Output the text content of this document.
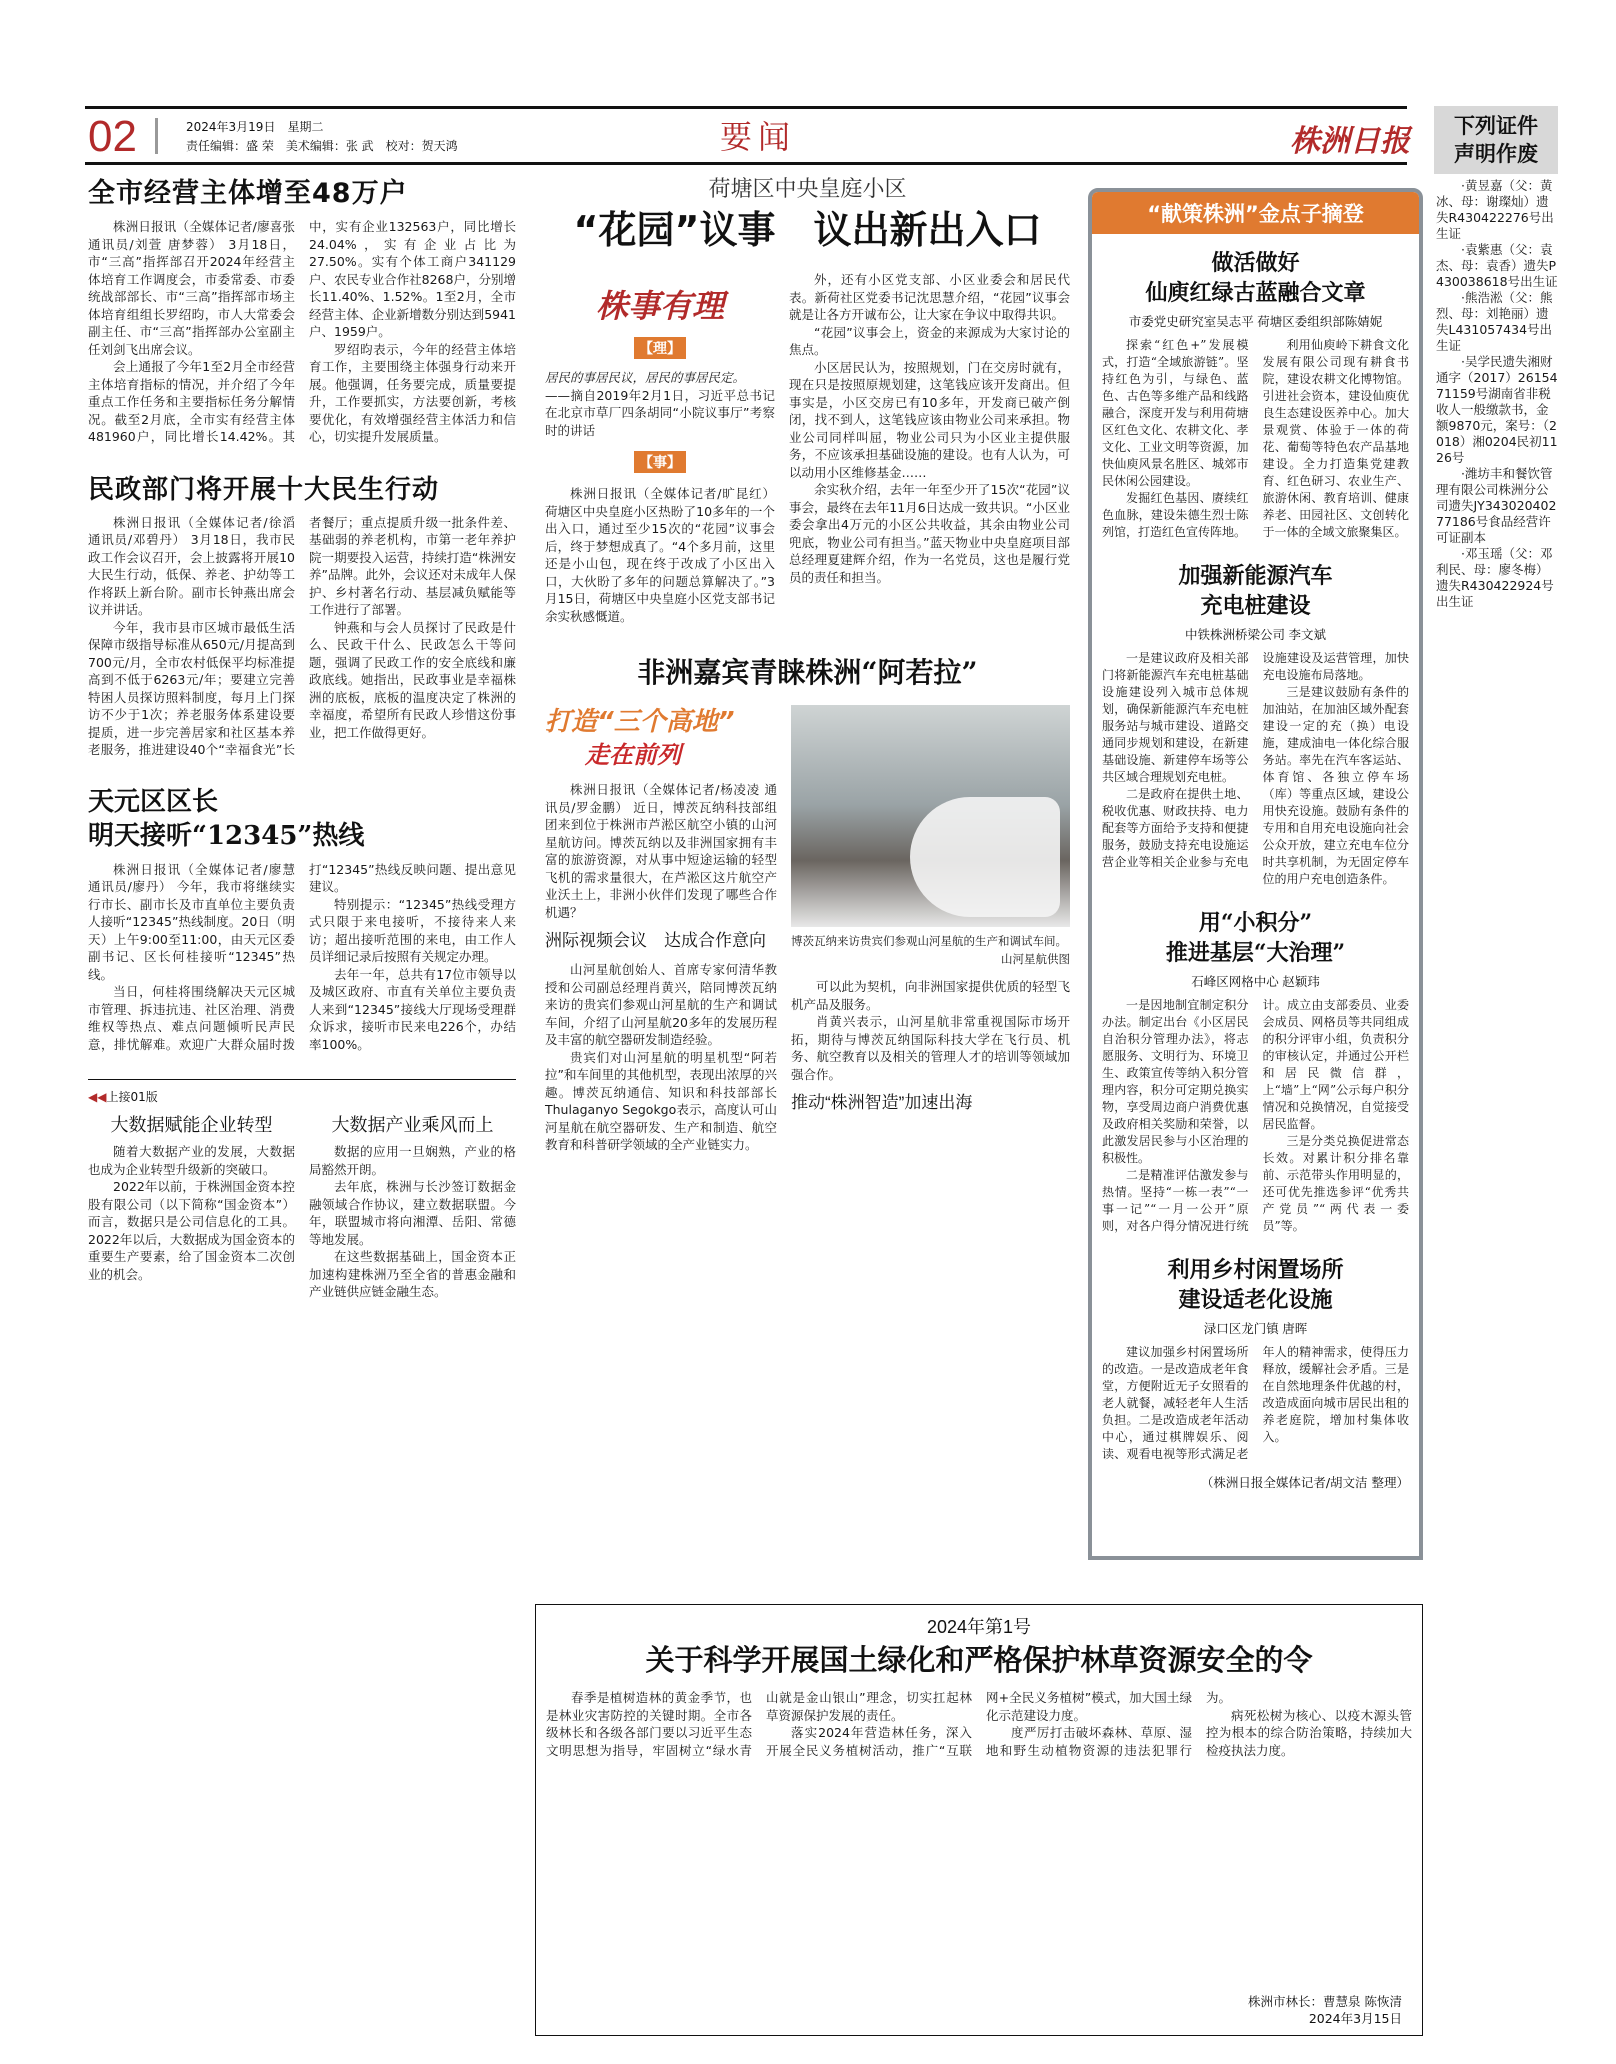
02	2024年3月19日　星期二
责任编辑：盛 荣　美术编辑：张 武　校对：贺天鸿	要闻	株洲日报	下列证件
声明作废

·黄昱嘉（父：黄冰、母：谢璨灿）遗失R430422276号出生证

·袁紫惠（父：袁杰、母：袁香）遗失P430038618号出生证

·熊浩淞（父：熊烈、母：刘艳丽）遗失L431057434号出生证

·吴学民遗失湘财通字（2017）2615471159号湖南省非税收人一般缴款书，金额9870元，案号：（2018）湘0204民初1126号

·潍坊丰和餐饮管理有限公司株洲分公司遗失JY34302040277186号食品经营许可证副本

·邓玉瑶（父：邓利民、母：廖冬梅）遗失R430422924号出生证

全市经营主体增至48万户

株洲日报讯（全媒体记者/廖喜张 通讯员/刘萱 唐梦蓉） 3月18日，市“三高”指挥部召开2024年经营主体培育工作调度会，市委常委、市委统战部部长、市“三高”指挥部市场主体培育组组长罗绍昀，市人大常委会副主任、市“三高”指挥部办公室副主任刘剑飞出席会议。

会上通报了今年1至2月全市经营主体培育指标的情况，并介绍了今年重点工作任务和主要指标任务分解情况。截至2月底，全市实有经营主体481960户，同比增长14.42%。其中，实有企业132563户，同比增长24.04%，实有企业占比为27.50%。实有个体工商户341129户、农民专业合作社8268户，分别增长11.40%、1.52%。1至2月，全市经营主体、企业新增数分别达到5941户、1959户。

罗绍昀表示，今年的经营主体培育工作，主要围绕主体强身行动来开展。他强调，任务要完成，质量要提升，工作要抓实，方法要创新，考核要优化，有效增强经营主体活力和信心，切实提升发展质量。

民政部门将开展十大民生行动

株洲日报讯（全媒体记者/徐滔 通讯员/邓碧丹） 3月18日，我市民政工作会议召开，会上披露将开展10大民生行动，低保、养老、护幼等工作将跃上新台阶。副市长钟燕出席会议并讲话。

今年，我市县市区城市最低生活保障市级指导标准从650元/月提高到700元/月，全市农村低保平均标准提高到不低于6263元/年；要建立完善特困人员探访照料制度，每月上门探访不少于1次；养老服务体系建设要提质，进一步完善居家和社区基本养老服务，推进建设40个“幸福食光”长者餐厅；重点提质升级一批条件差、基础弱的养老机构，市第一老年养护院一期要投入运营，持续打造“株洲安养”品牌。此外，会议还对未成年人保护、乡村著名行动、基层减负赋能等工作进行了部署。

钟燕和与会人员探讨了民政是什么、民政干什么、民政怎么干等问题，强调了民政工作的安全底线和廉政底线。她指出，民政事业是幸福株洲的底板，底板的温度决定了株洲的幸福度，希望所有民政人珍惜这份事业，把工作做得更好。

天元区区长
明天接听“12345”热线

株洲日报讯（全媒体记者/廖慧 通讯员/廖丹） 今年，我市将继续实行市长、副市长及市直单位主要负责人接听“12345”热线制度。20日（明天）上午9:00至11:00，由天元区委副书记、区长何桂接听“12345”热线。

当日，何桂将围绕解决天元区城市管理、拆违抗违、社区治理、消费维权等热点、难点问题倾听民声民意，排忧解难。欢迎广大群众届时拨打“12345”热线反映问题、提出意见建议。

特别提示：“12345”热线受理方式只限于来电接听，不接待来人来访；超出接听范围的来电，由工作人员详细记录后按照有关规定办理。

去年一年，总共有17位市领导以及城区政府、市直有关单位主要负责人来到“12345”接线大厅现场受理群众诉求，接听市民来电226个，办结率100%。

◀◀上接01版
大数据赋能企业转型

随着大数据产业的发展，大数据也成为企业转型升级新的突破口。

2022年以前，于株洲国金资本控股有限公司（以下简称“国金资本”）而言，数据只是公司信息化的工具。2022年以后，大数据成为国金资本的重要生产要素，给了国金资本二次创业的机会。

大数据产业乘风而上

数据的应用一旦娴熟，产业的格局豁然开朗。

去年底，株洲与长沙签订数据金融领域合作协议，建立数据联盟。今年，联盟城市将向湘潭、岳阳、常德等地发展。

在这些数据基础上，国金资本正加速构建株洲乃至全省的普惠金融和产业链供应链金融生态。

荷塘区中央皇庭小区
“花园”议事　议出新出入口
株事有理
【理】
居民的事居民议，居民的事居民定。
——摘自2019年2月1日，习近平总书记在北京市草厂四条胡同“小院议事厅”考察时的讲话
【事】
株洲日报讯（全媒体记者/旷昆红） 荷塘区中央皇庭小区热盼了10多年的一个出入口，通过至少15次的“花园”议事会后，终于梦想成真了。“4个多月前，这里还是小山包，现在终于改成了小区出入口，大伙盼了多年的问题总算解决了。”3月15日，荷塘区中央皇庭小区党支部书记余实秋感慨道。

外，还有小区党支部、小区业委会和居民代表。新荷社区党委书记沈思慧介绍，“花园”议事会就是让各方开诚布公，让大家在争议中取得共识。

“花园”议事会上，资金的来源成为大家讨论的焦点。

小区居民认为，按照规划，门在交房时就有，现在只是按照原规划建，这笔钱应该开发商出。但事实是，小区交房已有10多年，开发商已破产倒闭，找不到人，这笔钱应该由物业公司来承担。物业公司同样叫屈，物业公司只为小区业主提供服务，不应该承担基础设施的建设。也有人认为，可以动用小区维修基金……

余实秋介绍，去年一年至少开了15次“花园”议事会，最终在去年11月6日达成一致共识。“小区业委会拿出4万元的小区公共收益，其余由物业公司兜底，物业公司有担当。”蓝天物业中央皇庭项目部总经理夏建辉介绍，作为一名党员，这也是履行党员的责任和担当。

非洲嘉宾青睐株洲“阿若拉”
打造“三个高地”
走在前列

株洲日报讯（全媒体记者/杨凌凌 通讯员/罗金鹏） 近日，博茨瓦纳科技部组团来到位于株洲市芦淞区航空小镇的山河星航访问。博茨瓦纳以及非洲国家拥有丰富的旅游资源，对从事中短途运输的轻型飞机的需求量很大，在芦淞区这片航空产业沃土上，非洲小伙伴们发现了哪些合作机遇？

洲际视频会议　达成合作意向

山河星航创始人、首席专家何清华教授和公司副总经理肖黄兴，陪同博茨瓦纳来访的贵宾们参观山河星航的生产和调试车间，介绍了山河星航20多年的发展历程及丰富的航空器研发制造经验。

贵宾们对山河星航的明星机型“阿若拉”和车间里的其他机型，表现出浓厚的兴趣。博茨瓦纳通信、知识和科技部部长Thulaganyo Segokgo表示，高度认可山河星航在航空器研发、生产和制造、航空教育和科普研学领域的全产业链实力。

博茨瓦纳来访贵宾们参观山河星航的生产和调试车间。
山河星航供图

可以此为契机，向非洲国家提供优质的轻型飞机产品及服务。

肖黄兴表示，山河星航非常重视国际市场开拓，期待与博茨瓦纳国际科技大学在飞行员、机务、航空教育以及相关的管理人才的培训等领域加强合作。

推动“株洲智造”加速出海
“献策株洲”金点子摘登
做活做好
仙庾红绿古蓝融合文章
市委党史研究室吴志平 荷塘区委组织部陈婧妮

探索“红色+”发展模式，打造“全域旅游链”。坚持红色为引，与绿色、蓝色、古色等多维产品和线路融合，深度开发与利用荷塘区红色文化、农耕文化、孝文化、工业文明等资源，加快仙庾风景名胜区、城郊市民休闲公园建设。

发掘红色基因、赓续红色血脉，建设朱德生烈士陈列馆，打造红色宣传阵地。

利用仙庾岭下耕食文化发展有限公司现有耕食书院，建设农耕文化博物馆。引进社会资本，建设仙庾优良生态建设医养中心。加大景观赏、体验于一体的荷花、葡萄等特色农产品基地建设。全力打造集党建教育、红色研习、农业生产、旅游休闲、教育培训、健康养老、田园社区、文创转化于一体的全域文旅聚集区。

加强新能源汽车
充电桩建设
中铁株洲桥梁公司 李文斌

一是建议政府及相关部门将新能源汽车充电桩基础设施建设列入城市总体规划，确保新能源汽车充电桩服务站与城市建设、道路交通同步规划和建设，在新建基础设施、新建停车场等公共区域合理规划充电桩。

二是政府在提供土地、税收优惠、财政扶持、电力配套等方面给予支持和便捷服务，鼓励支持充电设施运营企业等相关企业参与充电设施建设及运营管理，加快充电设施布局落地。

三是建议鼓励有条件的加油站，在加油区域外配套建设一定的充（换）电设施，建成油电一体化综合服务站。率先在汽车客运站、体育馆、各独立停车场（库）等重点区域，建设公用快充设施。鼓励有条件的专用和自用充电设施向社会公众开放，建立充电车位分时共享机制，为无固定停车位的用户充电创造条件。

用“小积分”
推进基层“大治理”
石峰区网格中心 赵颖玮

一是因地制宜制定积分办法。制定出台《小区居民自治积分管理办法》，将志愿服务、文明行为、环境卫生、政策宣传等纳入积分管理内容，积分可定期兑换实物，享受周边商户消费优惠及政府相关奖励和荣誉，以此激发居民参与小区治理的积极性。

二是精准评估激发参与热情。坚持“一栋一表”“一事一记”“一月一公开”原则，对各户得分情况进行统计。成立由支部委员、业委会成员、网格员等共同组成的积分评审小组，负责积分的审核认定，并通过公开栏和居民微信群，上“墙”上“网”公示每户积分情况和兑换情况，自觉接受居民监督。

三是分类兑换促进常态长效。对累计积分排名靠前、示范带头作用明显的，还可优先推选参评“优秀共产党员”“两代表一委员”等。

利用乡村闲置场所
建设适老化设施
渌口区龙门镇 唐晖

建议加强乡村闲置场所的改造。一是改造成老年食堂，方便附近无子女照看的老人就餐，减轻老年人生活负担。二是改造成老年活动中心，通过棋牌娱乐、阅读、观看电视等形式满足老年人的精神需求，使得压力释放，缓解社会矛盾。三是在自然地理条件优越的村，改造成面向城市居民出租的养老庭院，增加村集体收入。

（株洲日报全媒体记者/胡文洁 整理）
2024年第1号
关于科学开展国土绿化和严格保护林草资源安全的令

春季是植树造林的黄金季节，也是林业灾害防控的关键时期。全市各级林长和各级各部门要以习近平生态文明思想为指导，牢固树立“绿水青山就是金山银山”理念，切实扛起林草资源保护发展的责任。

落实2024年营造林任务，深入开展全民义务植树活动，推广“互联网+全民义务植树”模式，加大国土绿化示范建设力度。

度严厉打击破坏森林、草原、湿地和野生动植物资源的违法犯罪行为。

病死松树为核心、以疫木源头管控为根本的综合防治策略，持续加大检疫执法力度。

株洲市林长：曹慧泉 陈恢清
2024年3月15日
